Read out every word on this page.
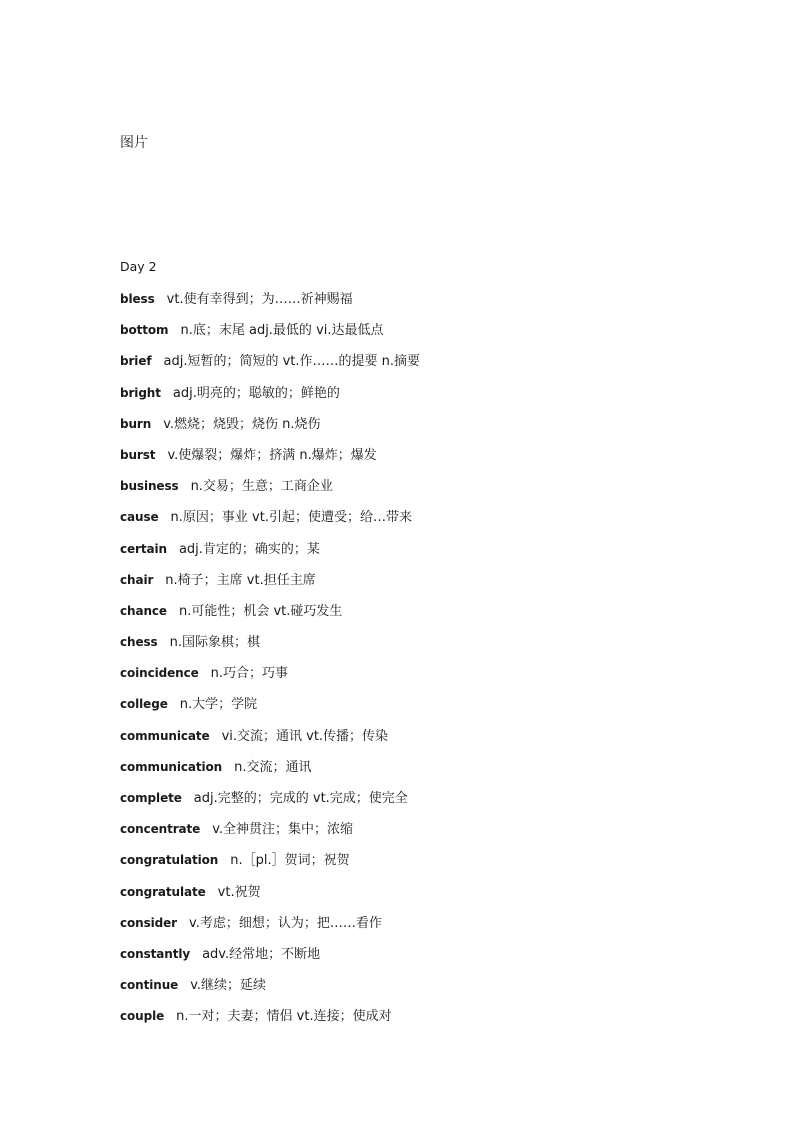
图片
Day 2
bless vt.使有幸得到；为……祈神赐福
bottom n.底；末尾 adj.最低的 vi.达最低点
brief adj.短暂的；简短的 vt.作……的提要 n.摘要
bright adj.明亮的；聪敏的；鲜艳的
burn v.燃烧；烧毁；烧伤 n.烧伤
burst v.使爆裂；爆炸；挤满 n.爆炸；爆发
business n.交易；生意；工商企业
cause n.原因；事业 vt.引起；使遭受；给…带来
certain adj.肯定的；确实的；某
chair n.椅子；主席 vt.担任主席
chance n.可能性；机会 vt.碰巧发生
chess n.国际象棋；棋
coincidence n.巧合；巧事
college n.大学；学院
communicate vi.交流；通讯 vt.传播；传染
communication n.交流；通讯
complete adj.完整的；完成的 vt.完成；使完全
concentrate v.全神贯注；集中；浓缩
congratulation n.［pl.］贺词；祝贺
congratulate vt.祝贺
consider v.考虑；细想；认为；把……看作
constantly adv.经常地；不断地
continue v.继续；延续
couple n.一对；夫妻；情侣 vt.连接；使成对
